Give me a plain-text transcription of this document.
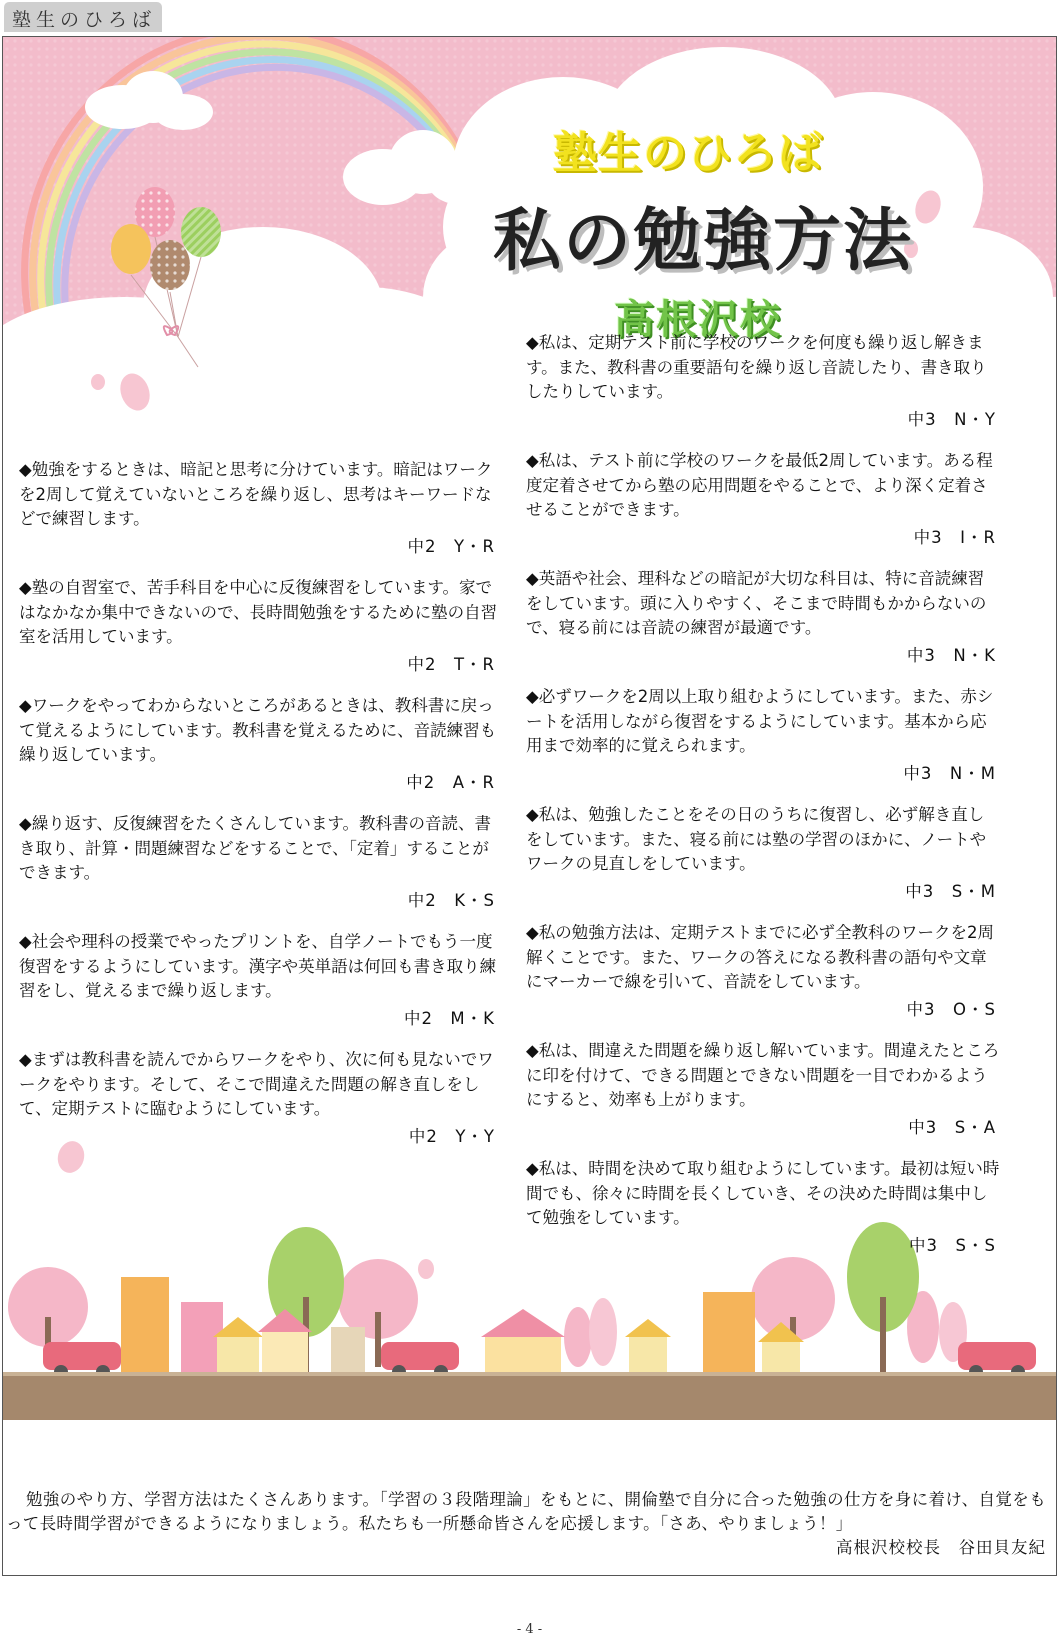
塾生のひろば
塾生のひろば
私の勉強方法
高根沢校

◆勉強をするときは、暗記と思考に分けています。暗記はワークを2周して覚えていないところを繰り返し、思考はキーワードなどで練習します。

中2　Y・R

◆塾の自習室で、苦手科目を中心に反復練習をしています。家ではなかなか集中できないので、長時間勉強をするために塾の自習室を活用しています。

中2　T・R

◆ワークをやってわからないところがあるときは、教科書に戻って覚えるようにしています。教科書を覚えるために、音読練習も繰り返しています。

中2　A・R

◆繰り返す、反復練習をたくさんしています。教科書の音読、書き取り、計算・問題練習などをすることで、「定着」することができます。

中2　K・S

◆社会や理科の授業でやったプリントを、自学ノートでもう一度復習をするようにしています。漢字や英単語は何回も書き取り練習をし、覚えるまで繰り返します。

中2　M・K

◆まずは教科書を読んでからワークをやり、次に何も見ないでワークをやります。そして、そこで間違えた問題の解き直しをして、定期テストに臨むようにしています。

中2　Y・Y

◆私は、定期テスト前に学校のワークを何度も繰り返し解きます。また、教科書の重要語句を繰り返し音読したり、書き取りしたりしています。

中3　N・Y

◆私は、テスト前に学校のワークを最低2周しています。ある程度定着させてから塾の応用問題をやることで、より深く定着させることができます。

中3　I・R

◆英語や社会、理科などの暗記が大切な科目は、特に音読練習をしています。頭に入りやすく、そこまで時間もかからないので、寝る前には音読の練習が最適です。

中3　N・K

◆必ずワークを2周以上取り組むようにしています。また、赤シートを活用しながら復習をするようにしています。基本から応用まで効率的に覚えられます。

中3　N・M

◆私は、勉強したことをその日のうちに復習し、必ず解き直しをしています。また、寝る前には塾の学習のほかに、ノートやワークの見直しをしています。

中3　S・M

◆私の勉強方法は、定期テストまでに必ず全教科のワークを2周解くことです。また、ワークの答えになる教科書の語句や文章にマーカーで線を引いて、音読をしています。

中3　O・S

◆私は、間違えた問題を繰り返し解いています。間違えたところに印を付けて、できる問題とできない問題を一目でわかるようにすると、効率も上がります。

中3　S・A

◆私は、時間を決めて取り組むようにしています。最初は短い時間でも、徐々に時間を長くしていき、その決めた時間は集中して勉強をしています。

中3　S・S

勉強のやり方、学習方法はたくさんあります。「学習の３段階理論」をもとに、開倫塾で自分に合った勉強の仕方を身に着け、自覚をもって長時間学習ができるようになりましょう。私たちも一所懸命皆さんを応援します。「さあ、やりましょう！」

高根沢校校長　谷田貝友紀

- 4 -
